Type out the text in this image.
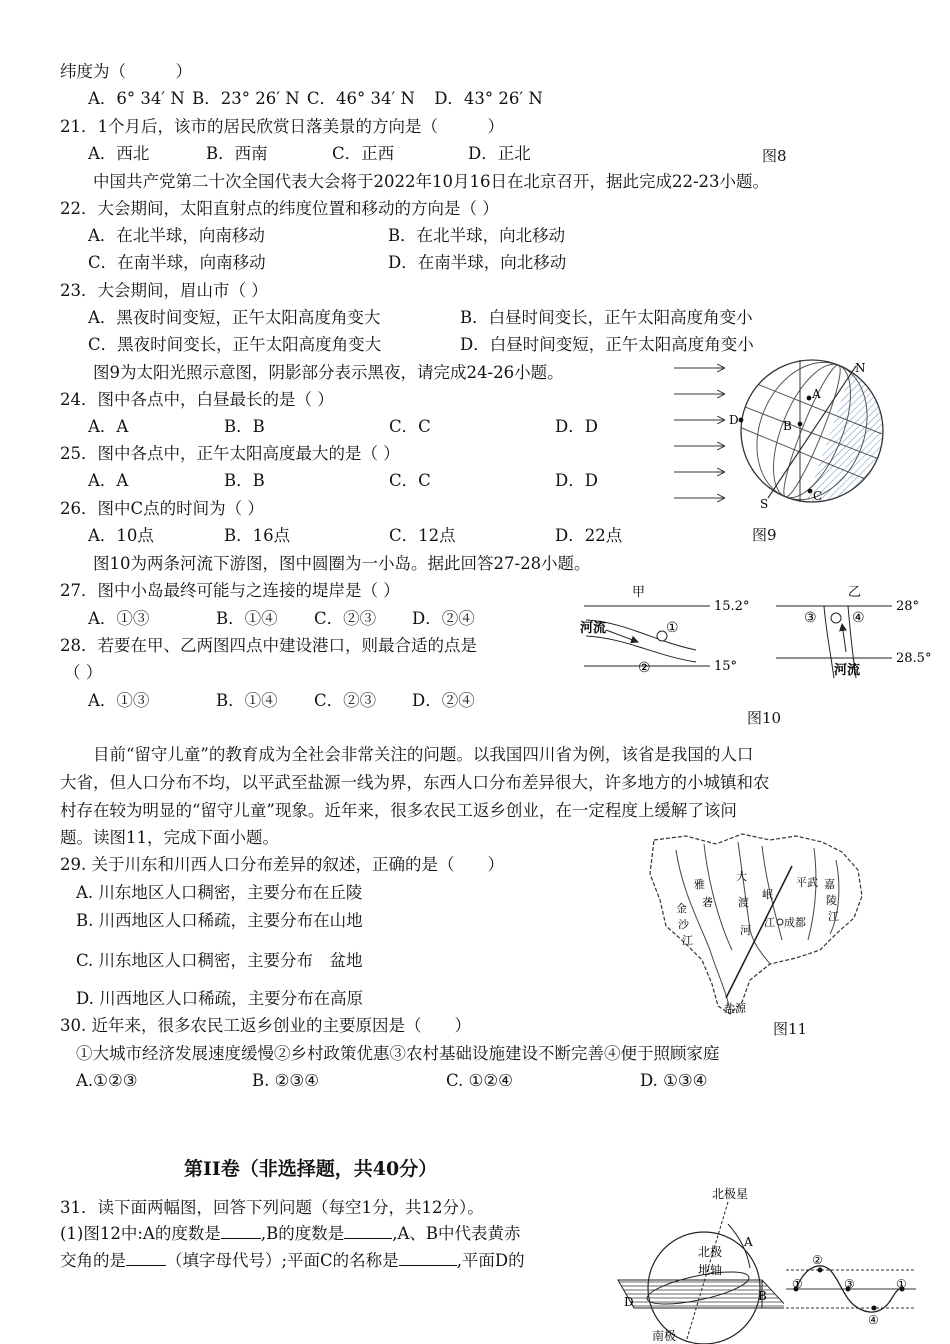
纬度为（　　　）
A．6° 34′ N B．23° 26′ N C．46° 34′ N D．43° 26′ N
21．1个月后，该市的居民欣赏日落美景的方向是（　　　）
A．西北	B．西南	C．正西	D．正北	图8
中国共产党第二十次全国代表大会将于2022年10月16日在北京召开，据此完成22-23小题。
22．大会期间，太阳直射点的纬度位置和移动的方向是（ ）
A．在北半球，向南移动	B．在北半球，向北移动
C．在南半球，向南移动	D．在南半球，向北移动
23．大会期间，眉山市（ ）
A．黑夜时间变短，正午太阳高度角变大	B．白昼时间变长，正午太阳高度角变小
C．黑夜时间变长，正午太阳高度角变大	D．白昼时间变短，正午太阳高度角变小
图9为太阳光照示意图，阴影部分表示黑夜，请完成24-26小题。
24．图中各点中，白昼最长的是（ ）
A．A	B．B	C．C	D．D
25．图中各点中，正午太阳高度最大的是（ ）
A．A	B．B	C．C	D．D
26．图中C点的时间为（ ）
A．10点	B．16点	C．12点	D．22点
N
S
A
B
C
D
图9
图10为两条河流下游图，图中圆圈为一小岛。据此回答27-28小题。
27．图中小岛最终可能与之连接的堤岸是（ ）
A．①③	B．①④ C．②③ D．②④
28．若要在甲、乙两图四点中建设港口，则最合适的点是
（ ）
A．①③	B．①④ C．②③ D．②④
甲
河流
15.2°
15°
①
②
乙
③	④
28°
28.5°
河流
图10
目前“留守儿童”的教育成为全社会非常关注的问题。以我国四川省为例，该省是我国的人口
大省，但人口分布不均，以平武至盐源一线为界，东西人口分布差异很大，许多地方的小城镇和农
村存在较为明显的“留守儿童”现象。近年来，很多农民工返乡创业，在一定程度上缓解了该问
题。读图11，完成下面小题。
29. 关于川东和川西人口分布差异的叙述，正确的是（　　）
A. 川东地区人口稠密，主要分布在丘陵
B. 川西地区人口稀疏，主要分布在山地
C. 川东地区人口稠密，主要分布　盆地
D. 川西地区人口稀疏，主要分布在高原
雅
砻
大
渡
河
岷
江
平武 嘉
陵
江
金
沙
江
成都
盐源
图11
30. 近年来，很多农民工返乡创业的主要原因是（　　）
①大城市经济发展速度缓慢②乡村政策优惠③农村基础设施建设不断完善④便于照顾家庭
A.①②③	B. ②③④	C. ①②④	D. ①③④
第II卷（非选择题，共40分）
31．读下面两幅图，回答下列问题（每空1分，共12分）。
(1)图12中:A的度数是 ,B的度数是	,A、B中代表黄赤
交角的是 （填字母代号）;平面C的名称是	,平面D的
北极星
A
B
D
北极
地轴
南极
②
①	③	①
④
